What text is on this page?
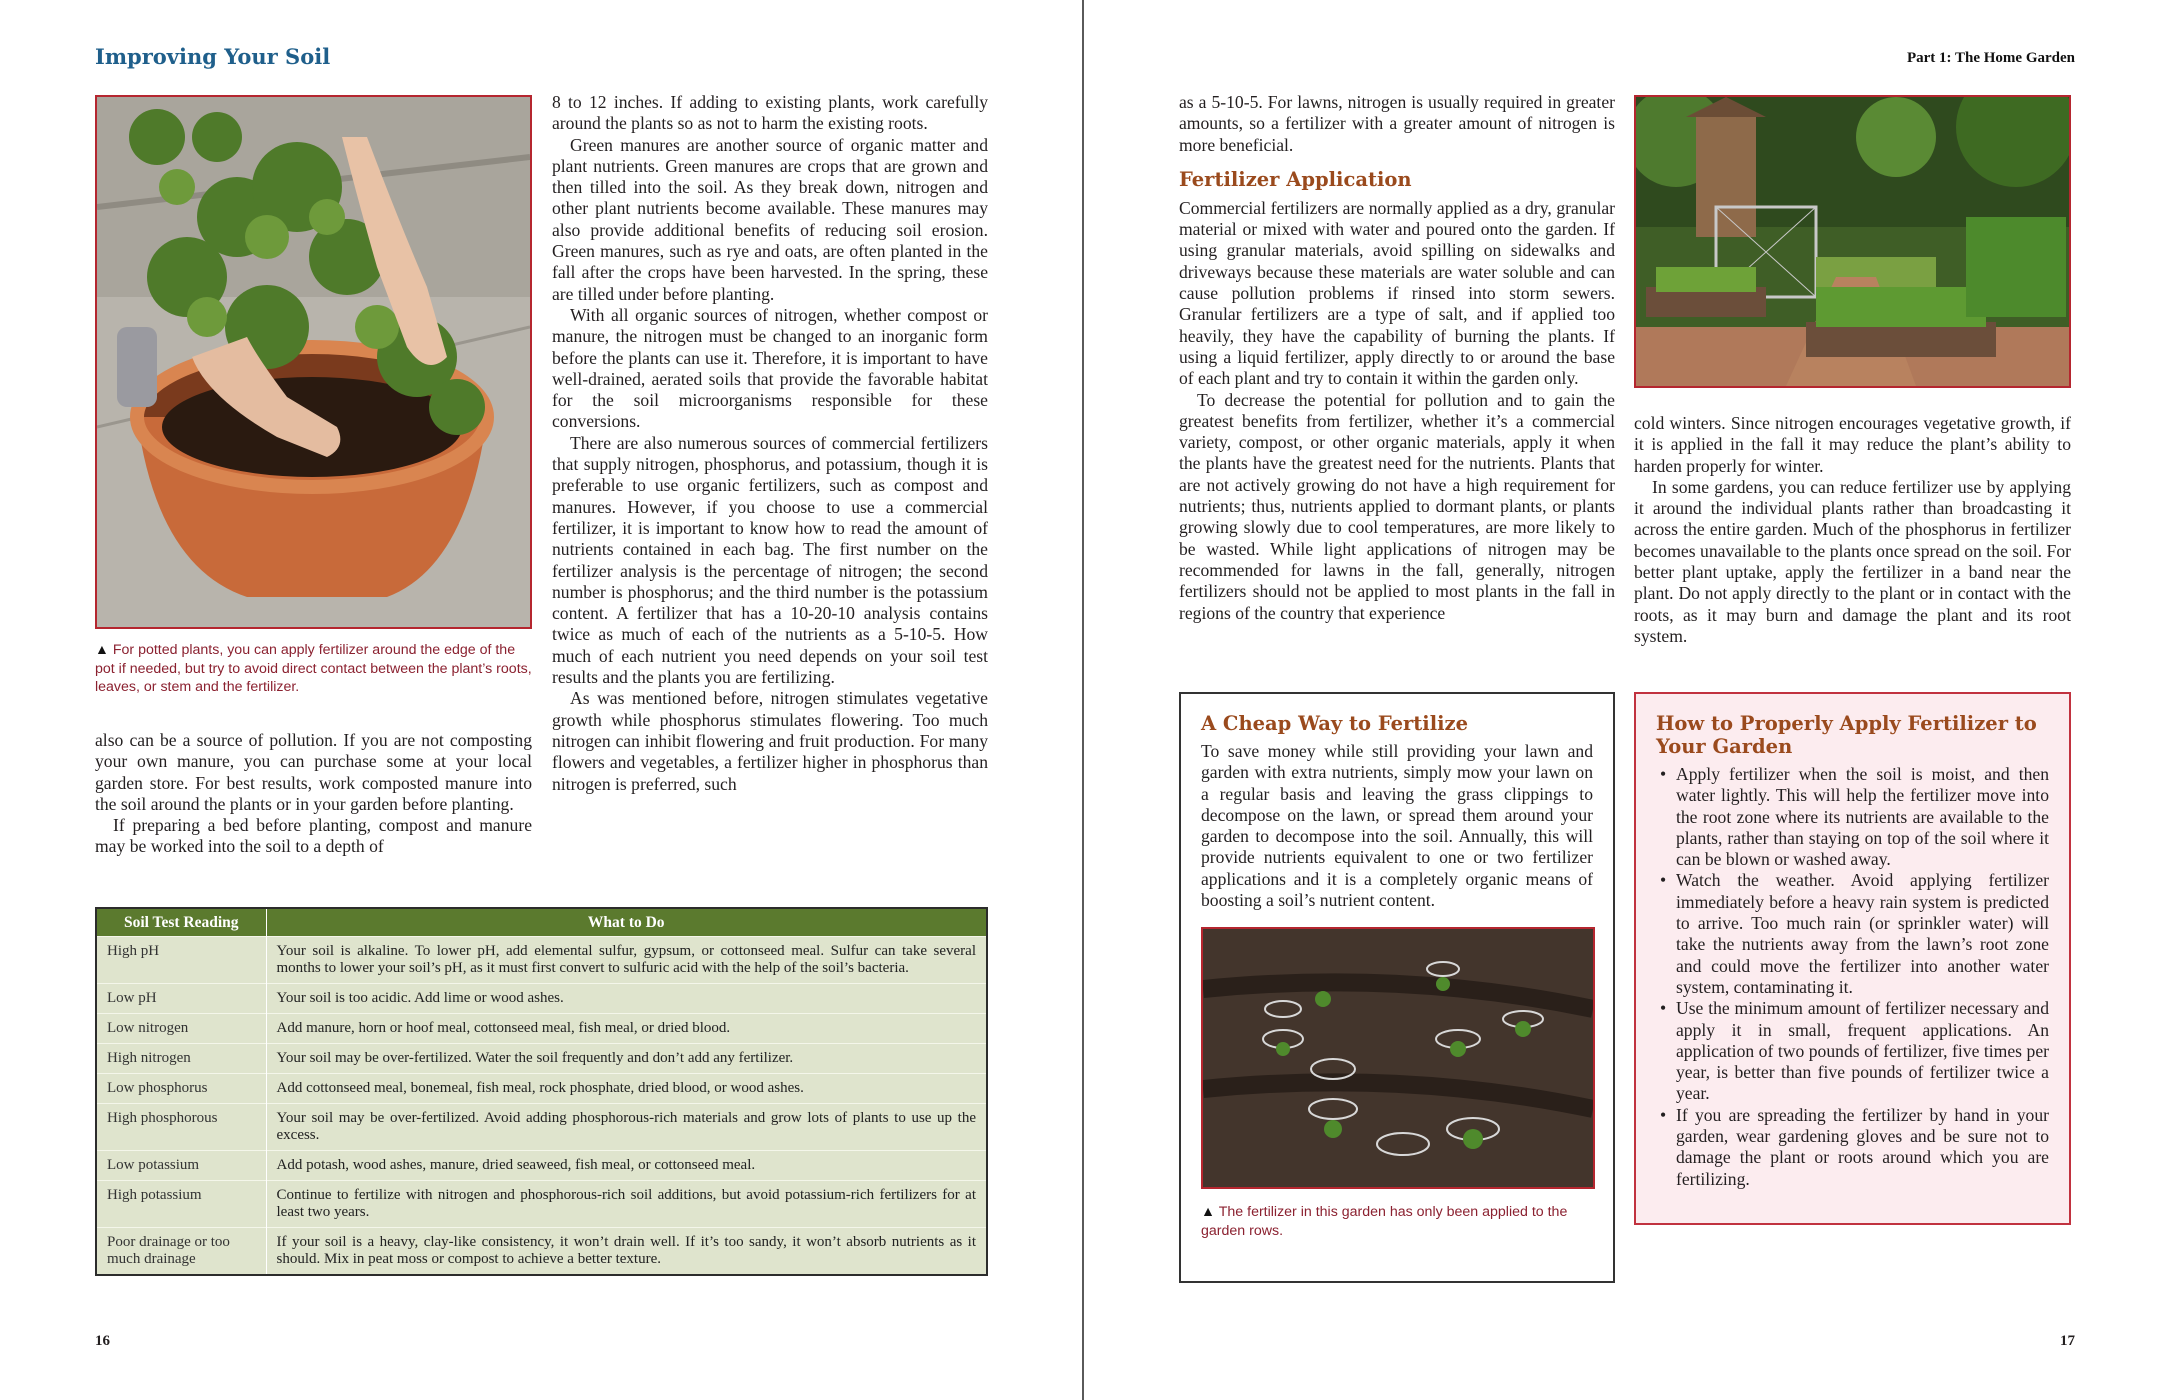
Improving Your Soil
▲ For potted plants, you can apply fertilizer around the edge of the pot if needed, but try to avoid direct contact between the plant’s roots, leaves, or stem and the fertilizer.

also can be a source of pollution. If you are not composting your own manure, you can purchase some at your local garden store. For best results, work composted manure into the soil around the plants or in your garden before planting.

If preparing a bed before planting, compost and manure may be worked into the soil to a depth of

8 to 12 inches. If adding to existing plants, work carefully around the plants so as not to harm the existing roots.

Green manures are another source of organic matter and plant nutrients. Green manures are crops that are grown and then tilled into the soil. As they break down, nitrogen and other plant nutrients become available. These manures may also provide additional benefits of reducing soil erosion. Green manures, such as rye and oats, are often planted in the fall after the crops have been harvested. In the spring, these are tilled under before planting.

With all organic sources of nitrogen, whether compost or manure, the nitrogen must be changed to an inorganic form before the plants can use it. Therefore, it is important to have well-drained, aerated soils that provide the favorable habitat for the soil microorganisms responsible for these conversions.

There are also numerous sources of commercial fertilizers that supply nitrogen, phosphorus, and potassium, though it is preferable to use organic fertilizers, such as compost and manures. However, if you choose to use a commercial fertilizer, it is important to know how to read the amount of nutrients contained in each bag. The first number on the fertilizer analysis is the percentage of nitrogen; the second number is phosphorus; and the third number is the potassium content. A fertilizer that has a 10-20-10 analysis contains twice as much of each of the nutrients as a 5-10-5. How much of each nutrient you need depends on your soil test results and the plants you are fertilizing.

As was mentioned before, nitrogen stimulates vegetative growth while phosphorus stimulates flowering. Too much nitrogen can inhibit flowering and fruit production. For many flowers and vegetables, a fertilizer higher in phosphorus than nitrogen is preferred, such

Soil Test Reading	What to Do
High pH	Your soil is alkaline. To lower pH, add elemental sulfur, gypsum, or cottonseed meal. Sulfur can take several months to lower your soil’s pH, as it must first convert to sulfuric acid with the help of the soil’s bacteria.
Low pH	Your soil is too acidic. Add lime or wood ashes.
Low nitrogen	Add manure, horn or hoof meal, cottonseed meal, fish meal, or dried blood.
High nitrogen	Your soil may be over-fertilized. Water the soil frequently and don’t add any fertilizer.
Low phosphorus	Add cottonseed meal, bonemeal, fish meal, rock phosphate, dried blood, or wood ashes.
High phosphorous	Your soil may be over-fertilized. Avoid adding phosphorous-rich materials and grow lots of plants to use up the excess.
Low potassium	Add potash, wood ashes, manure, dried seaweed, fish meal, or cottonseed meal.
High potassium	Continue to fertilize with nitrogen and phosphorous-rich soil additions, but avoid potassium-rich fertilizers for at least two years.
Poor drainage or too much drainage	If your soil is a heavy, clay-like consistency, it won’t drain well. If it’s too sandy, it won’t absorb nutrients as it should. Mix in peat moss or compost to achieve a better texture.
16
Part 1: The Home Garden

as a 5-10-5. For lawns, nitrogen is usually required in greater amounts, so a fertilizer with a greater amount of nitrogen is more beneficial.

Fertilizer Application

Commercial fertilizers are normally applied as a dry, granular material or mixed with water and poured onto the garden. If using granular materials, avoid spilling on sidewalks and driveways because these materials are water soluble and can cause pollution problems if rinsed into storm sewers. Granular fertilizers are a type of salt, and if applied too heavily, they have the capability of burning the plants. If using a liquid fertilizer, apply directly to or around the base of each plant and try to contain it within the garden only.

To decrease the potential for pollution and to gain the greatest benefits from fertilizer, whether it’s a commercial variety, compost, or other organic materials, apply it when the plants have the greatest need for the nutrients. Plants that are not actively growing do not have a high requirement for nutrients; thus, nutrients applied to dormant plants, or plants growing slowly due to cool temperatures, are more likely to be wasted. While light applications of nitrogen may be recommended for lawns in the fall, generally, nitrogen fertilizers should not be applied to most plants in the fall in regions of the country that experience

cold winters. Since nitrogen encourages vegetative growth, if it is applied in the fall it may reduce the plant’s ability to harden properly for winter.

In some gardens, you can reduce fertilizer use by applying it around the individual plants rather than broadcasting it across the entire garden. Much of the phosphorus in fertilizer becomes unavailable to the plants once spread on the soil. For better plant uptake, apply the fertilizer in a band near the plant. Do not apply directly to the plant or in contact with the roots, as it may burn and damage the plant and its root system.

A Cheap Way to Fertilize

To save money while still providing your lawn and garden with extra nutrients, simply mow your lawn on a regular basis and leaving the grass clippings to decompose on the lawn, or spread them around your garden to decompose into the soil. Annually, this will provide nutrients equivalent to one or two fertilizer applications and it is a completely organic means of boosting a soil’s nutrient content.

▲ The fertilizer in this garden has only been applied to the garden rows.
How to Properly Apply Fertilizer to Your Garden
• Apply fertilizer when the soil is moist, and then water lightly. This will help the fertilizer move into the root zone where its nutrients are available to the plants, rather than staying on top of the soil where it can be blown or washed away.
• Watch the weather. Avoid applying fertilizer immediately before a heavy rain system is predicted to arrive. Too much rain (or sprinkler water) will take the nutrients away from the lawn’s root zone and could move the fertilizer into another water system, contaminating it.
• Use the minimum amount of fertilizer necessary and apply it in small, frequent applications. An application of two pounds of fertilizer, five times per year, is better than five pounds of fertilizer twice a year.
• If you are spreading the fertilizer by hand in your garden, wear gardening gloves and be sure not to damage the plant or roots around which you are fertilizing.
17
